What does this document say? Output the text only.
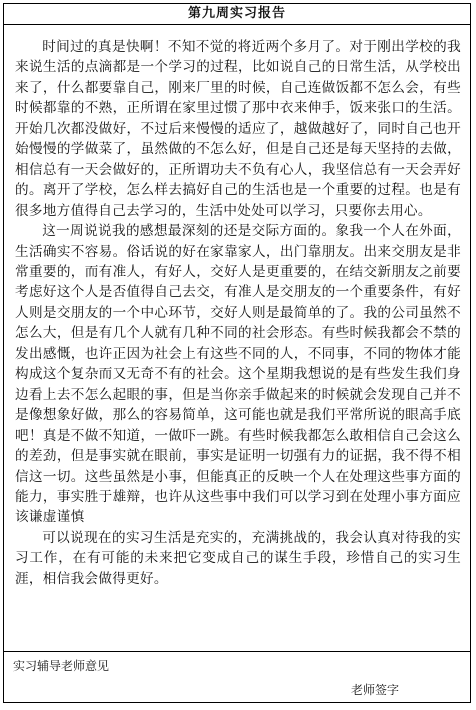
第九周实习报告

时间过的真是快啊！不知不觉的将近两个多月了。对于刚出学校的我来说生活的点滴都是一个学习的过程，比如说自己的日常生活，从学校出来了，什么都要靠自己，刚来厂里的时候，自己连做饭都不怎么会，有些时候都靠的不熟，正所谓在家里过惯了那中衣来伸手，饭来张口的生活。开始几次都没做好，不过后来慢慢的适应了，越做越好了，同时自己也开始慢慢的学做菜了，虽然做的不怎么好，但是自己还是每天坚持的去做，相信总有一天会做好的，正所谓功夫不负有心人，我坚信总有一天会弄好的。离开了学校，怎么样去搞好自己的生活也是一个重要的过程。也是有很多地方值得自己去学习的，生活中处处可以学习，只要你去用心。

这一周说说我的感想最深刻的还是交际方面的。象我一个人在外面，生活确实不容易。俗话说的好在家靠家人，出门靠朋友。出来交朋友是非常重要的，而有准人，有好人，交好人是更重要的，在结交新朋友之前要考虑好这个人是否值得自己去交，有准人是交朋友的一个重要条件，有好人则是交朋友的一个中心环节，交好人则是最简单的了。我的公司虽然不怎么大，但是有几个人就有几种不同的社会形态。有些时候我都会不禁的发出感慨，也许正因为社会上有这些不同的人，不同事，不同的物体才能构成这个复杂而又无奇不有的社会。这个星期我想说的是有些发生我们身边看上去不怎么起眼的事，但是当你亲手做起来的时候就会发现自己并不是像想象好做，那么的容易简单，这可能也就是我们平常所说的眼高手底吧！真是不做不知道，一做吓一跳。有些时候我都怎么敢相信自己会这么的差劲，但是事实就在眼前，事实是证明一切强有力的证据，我不得不相信这一切。这些虽然是小事，但能真正的反映一个人在处理这些事方面的能力，事实胜于雄辩，也许从这些事中我们可以学习到在处理小事方面应该谦虚谨慎

可以说现在的实习生活是充实的，充满挑战的，我会认真对待我的实习工作，在有可能的未来把它变成自己的谋生手段，珍惜自己的实习生涯，相信我会做得更好。

实习辅导老师意见
老师签字
